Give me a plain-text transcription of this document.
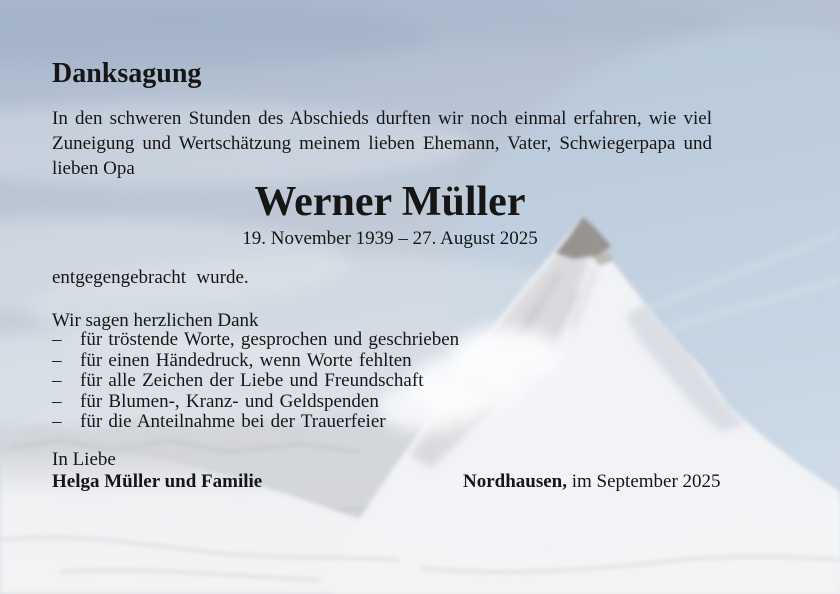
Danksagung

In den schweren Stunden des Abschieds durften wir noch einmal erfahren, wie viel Zuneigung und Wertschätzung meinem lieben Ehemann, Vater, Schwiegerpapa und lieben Opa

Werner Müller
19. November 1939 – 27. August 2025

entgegengebracht wurde.

Wir sagen herzlichen Dank

– für tröstende Worte, gesprochen und geschrieben
– für einen Händedruck, wenn Worte fehlten
– für alle Zeichen der Liebe und Freundschaft
– für Blumen-, Kranz- und Geldspenden
– für die Anteilnahme bei der Trauerfeier

In Liebe

Helga Müller und Familie	Nordhausen, im September 2025
